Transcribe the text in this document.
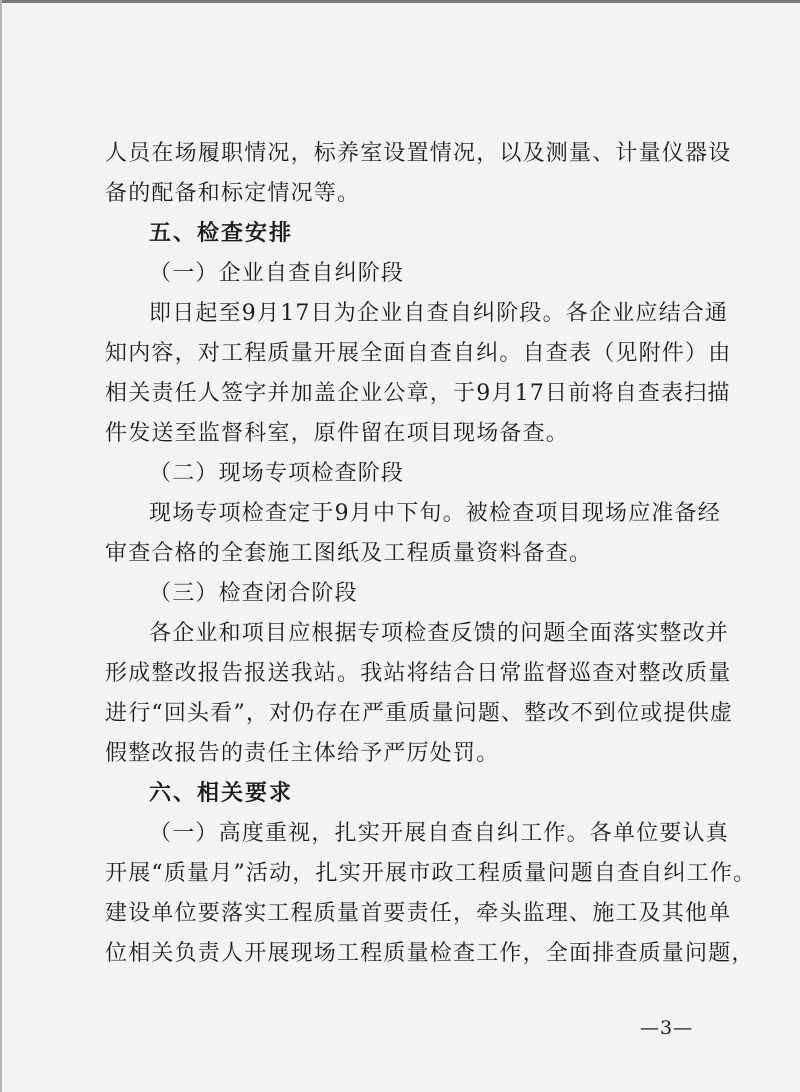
人员在场履职情况，标养室设置情况，以及测量、计量仪器设
备的配备和标定情况等。
五、检查安排
（一）企业自查自纠阶段
即日起至9月17日为企业自查自纠阶段。各企业应结合通
知内容，对工程质量开展全面自查自纠。自查表（见附件）由
相关责任人签字并加盖企业公章，于9月17日前将自查表扫描
件发送至监督科室，原件留在项目现场备查。
（二）现场专项检查阶段
现场专项检查定于9月中下旬。被检查项目现场应准备经
审查合格的全套施工图纸及工程质量资料备查。
（三）检查闭合阶段
各企业和项目应根据专项检查反馈的问题全面落实整改并
形成整改报告报送我站。我站将结合日常监督巡查对整改质量
进行“回头看”，对仍存在严重质量问题、整改不到位或提供虚
假整改报告的责任主体给予严厉处罚。
六、相关要求
（一）高度重视，扎实开展自查自纠工作。各单位要认真
开展“质量月”活动，扎实开展市政工程质量问题自查自纠工作。
建设单位要落实工程质量首要责任，牵头监理、施工及其他单
位相关负责人开展现场工程质量检查工作，全面排查质量问题，
—3—
